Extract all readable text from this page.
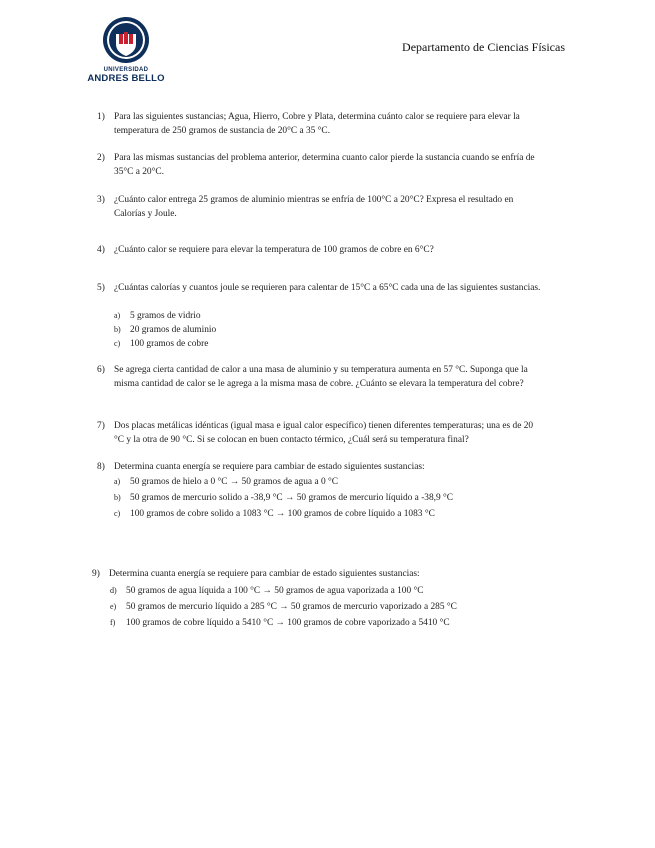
UNIVERSIDAD
ANDRES BELLO
Departamento de Ciencias Físicas
1) Para las siguientes sustancias; Agua, Hierro, Cobre y Plata, determina cuánto calor se requiere para elevar la temperatura de 250 gramos de sustancia de 20°C a 35 °C.
2) Para las mismas sustancias del problema anterior, determina cuanto calor pierde la sustancia cuando se enfría de 35°C a 20°C.
3) ¿Cuánto calor entrega 25 gramos de aluminio mientras se enfría de 100°C a 20°C? Expresa el resultado en Calorías y Joule.
4) ¿Cuánto calor se requiere para elevar la temperatura de 100 gramos de cobre en 6°C?
5) ¿Cuántas calorías y cuantos joule se requieren para calentar de 15°C a 65°C cada una de las siguientes sustancias.
a) 5 gramos de vidrio
b) 20 gramos de aluminio
c) 100 gramos de cobre
6) Se agrega cierta cantidad de calor a una masa de aluminio y su temperatura aumenta en 57 °C. Suponga que la misma cantidad de calor se le agrega a la misma masa de cobre. ¿Cuánto se elevara la temperatura del cobre?
7) Dos placas metálicas idénticas (igual masa e igual calor específico) tienen diferentes temperaturas; una es de 20 °C y la otra de 90 °C. Si se colocan en buen contacto térmico, ¿Cuál será su temperatura final?
8) Determina cuanta energía se requiere para cambiar de estado siguientes sustancias:
a) 50 gramos de hielo a 0 °C → 50 gramos de agua a 0 °C
b) 50 gramos de mercurio solido a -38,9 °C → 50 gramos de mercurio líquido a -38,9 °C
c) 100 gramos de cobre solido a 1083 °C → 100 gramos de cobre líquido a 1083 °C
9) Determina cuanta energía se requiere para cambiar de estado siguientes sustancias:
d) 50 gramos de agua líquida a 100 °C → 50 gramos de agua vaporizada a 100 °C
e) 50 gramos de mercurio líquido a 285 °C → 50 gramos de mercurio vaporizado a 285 °C
f) 100 gramos de cobre líquido a 5410 °C → 100 gramos de cobre vaporizado a 5410 °C
